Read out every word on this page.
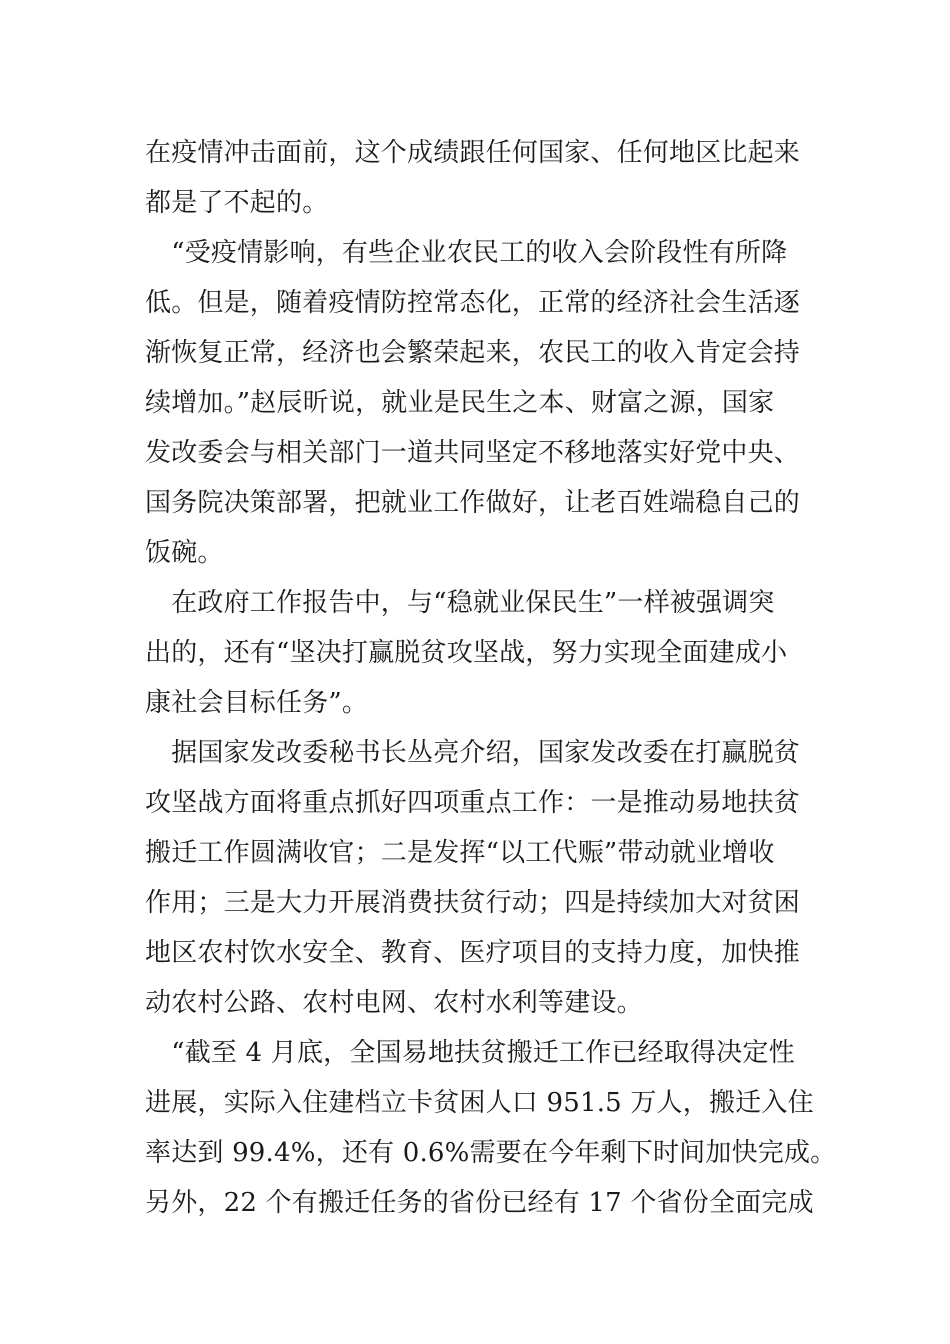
在疫情冲击面前，这个成绩跟任何国家、任何地区比起来
都是了不起的。
　“受疫情影响，有些企业农民工的收入会阶段性有所降
低。但是，随着疫情防控常态化，正常的经济社会生活逐
渐恢复正常，经济也会繁荣起来，农民工的收入肯定会持
续增加。”赵辰昕说，就业是民生之本、财富之源，国家
发改委会与相关部门一道共同坚定不移地落实好党中央、
国务院决策部署，把就业工作做好，让老百姓端稳自己的
饭碗。
　在政府工作报告中，与“稳就业保民生”一样被强调突
出的，还有“坚决打赢脱贫攻坚战，努力实现全面建成小
康社会目标任务”。
　据国家发改委秘书长丛亮介绍，国家发改委在打赢脱贫
攻坚战方面将重点抓好四项重点工作：一是推动易地扶贫
搬迁工作圆满收官；二是发挥“以工代赈”带动就业增收
作用；三是大力开展消费扶贫行动；四是持续加大对贫困
地区农村饮水安全、教育、医疗项目的支持力度，加快推
动农村公路、农村电网、农村水利等建设。
　“截至 4 月底，全国易地扶贫搬迁工作已经取得决定性
进展，实际入住建档立卡贫困人口 951.5 万人，搬迁入住
率达到 99.4%，还有 0.6%需要在今年剩下时间加快完成。
另外，22 个有搬迁任务的省份已经有 17 个省份全面完成
